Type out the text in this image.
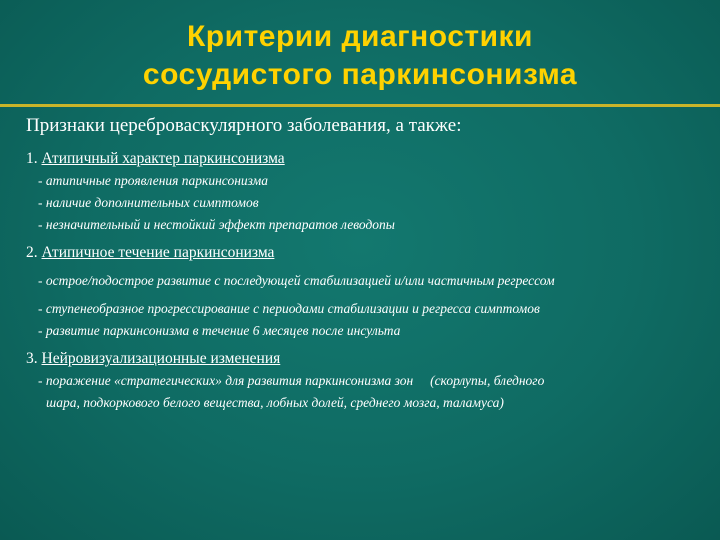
Критерии диагностики
сосудистого паркинсонизма

Признаки цереброваскулярного заболевания, а также:

1. Атипичный характер паркинсонизма
- атипичные проявления паркинсонизма
- наличие дополнительных симптомов
- незначительный и нестойкий эффект препаратов леводопы
2. Атипичное течение паркинсонизма
- острое/подострое развитие с последующей стабилизацией и/или частичным регрессом
- ступенеобразное прогрессирование с периодами стабилизации и регресса симптомов
- развитие паркинсонизма в течение 6 месяцев после инсульта
3. Нейровизуализационные изменения
- поражение «стратегических» для развития паркинсонизма зон     (скорлупы, бледного
шара, подкоркового белого вещества, лобных долей, среднего мозга, таламуса)
